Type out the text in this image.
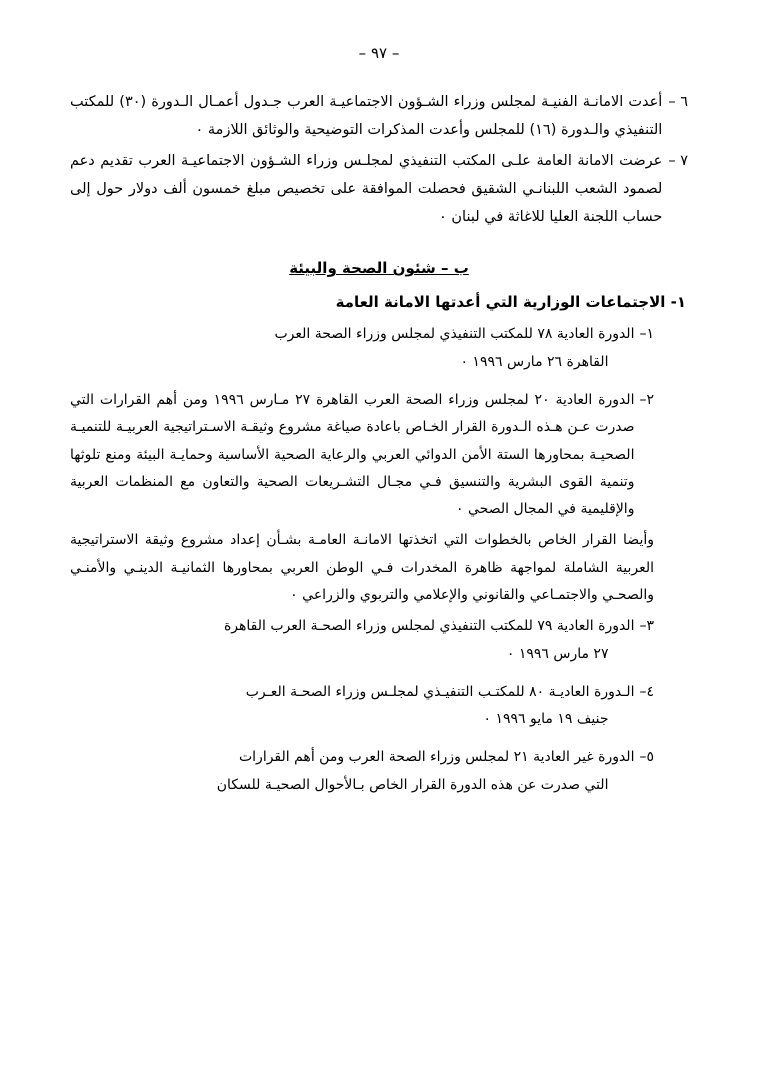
– ٩٧ –
٦ –
أعدت الامانـة الفنيـة لمجلس وزراء الشـؤون الاجتماعيـة العرب جـدول أعمـال الـدورة (٣٠) للمكتب التنفيذي والـدورة (١٦) للمجلس وأعدت المذكرات التوضيحية والوثائق اللازمة ٠
٧ –
عرضت الامانة العامة علـى المكتب التنفيذي لمجلـس وزراء الشـؤون الاجتماعيـة العرب تقديم دعم لصمود الشعب اللبنانـي الشقيق فحصلت الموافقة على تخصيص مبلغ خمسون ألف دولار حول إلى حساب اللجنة العليا للاغاثة في لبنان ٠
ب – شئون الصحة والبيئة
١- الاجتماعات الوزارية التي أعدتها الامانة العامة
١–
الدورة العادية ٧٨ للمكتب التنفيذي لمجلس وزراء الصحة العرب
القاهرة ٢٦ مارس ١٩٩٦ ٠
٢–
الدورة العادية ٢٠ لمجلس وزراء الصحة العرب القاهرة ٢٧ مـارس ١٩٩٦ ومن أهم القرارات التي صدرت عـن هـذه الـدورة القرار الخـاص باعادة صياغة مشروع وثيقـة الاسـتراتيجية العربيـة للتنميـة الصحيـة بمحاورها الستة الأمن الدوائي العربي والرعاية الصحية الأساسية وحمايـة البيئة ومنع تلوثها وتنمية القوى البشرية والتنسيق فـي مجـال التشـريعات الصحية والتعاون مع المنظمات العربية والإقليمية في المجال الصحي ٠
وأيضا القرار الخاص بالخطوات التي اتخذتها الامانـة العامـة بشـأن إعداد مشروع وثيقة الاستراتيجية العربية الشاملة لمواجهة ظاهرة المخدرات فـي الوطن العربي بمحاورها الثمانيـة الدينـي والأمنـي والصحـي والاجتمـاعي والقانوني والإعلامي والتربوي والزراعي ٠
٣–
الدورة العادية ٧٩ للمكتب التنفيذي لمجلس وزراء الصحـة العرب القاهرة
٢٧ مارس ١٩٩٦ ٠
٤–
الـدورة العاديـة ٨٠ للمكتـب التنفيـذي لمجلـس وزراء الصحـة العـرب
جنيف ١٩ مايو ١٩٩٦ ٠
٥–
الدورة غير العادية ٢١ لمجلس وزراء الصحة العرب ومن أهم القرارات
التي صدرت عن هذه الدورة القرار الخاص بـالأحوال الصحيـة للسكان
